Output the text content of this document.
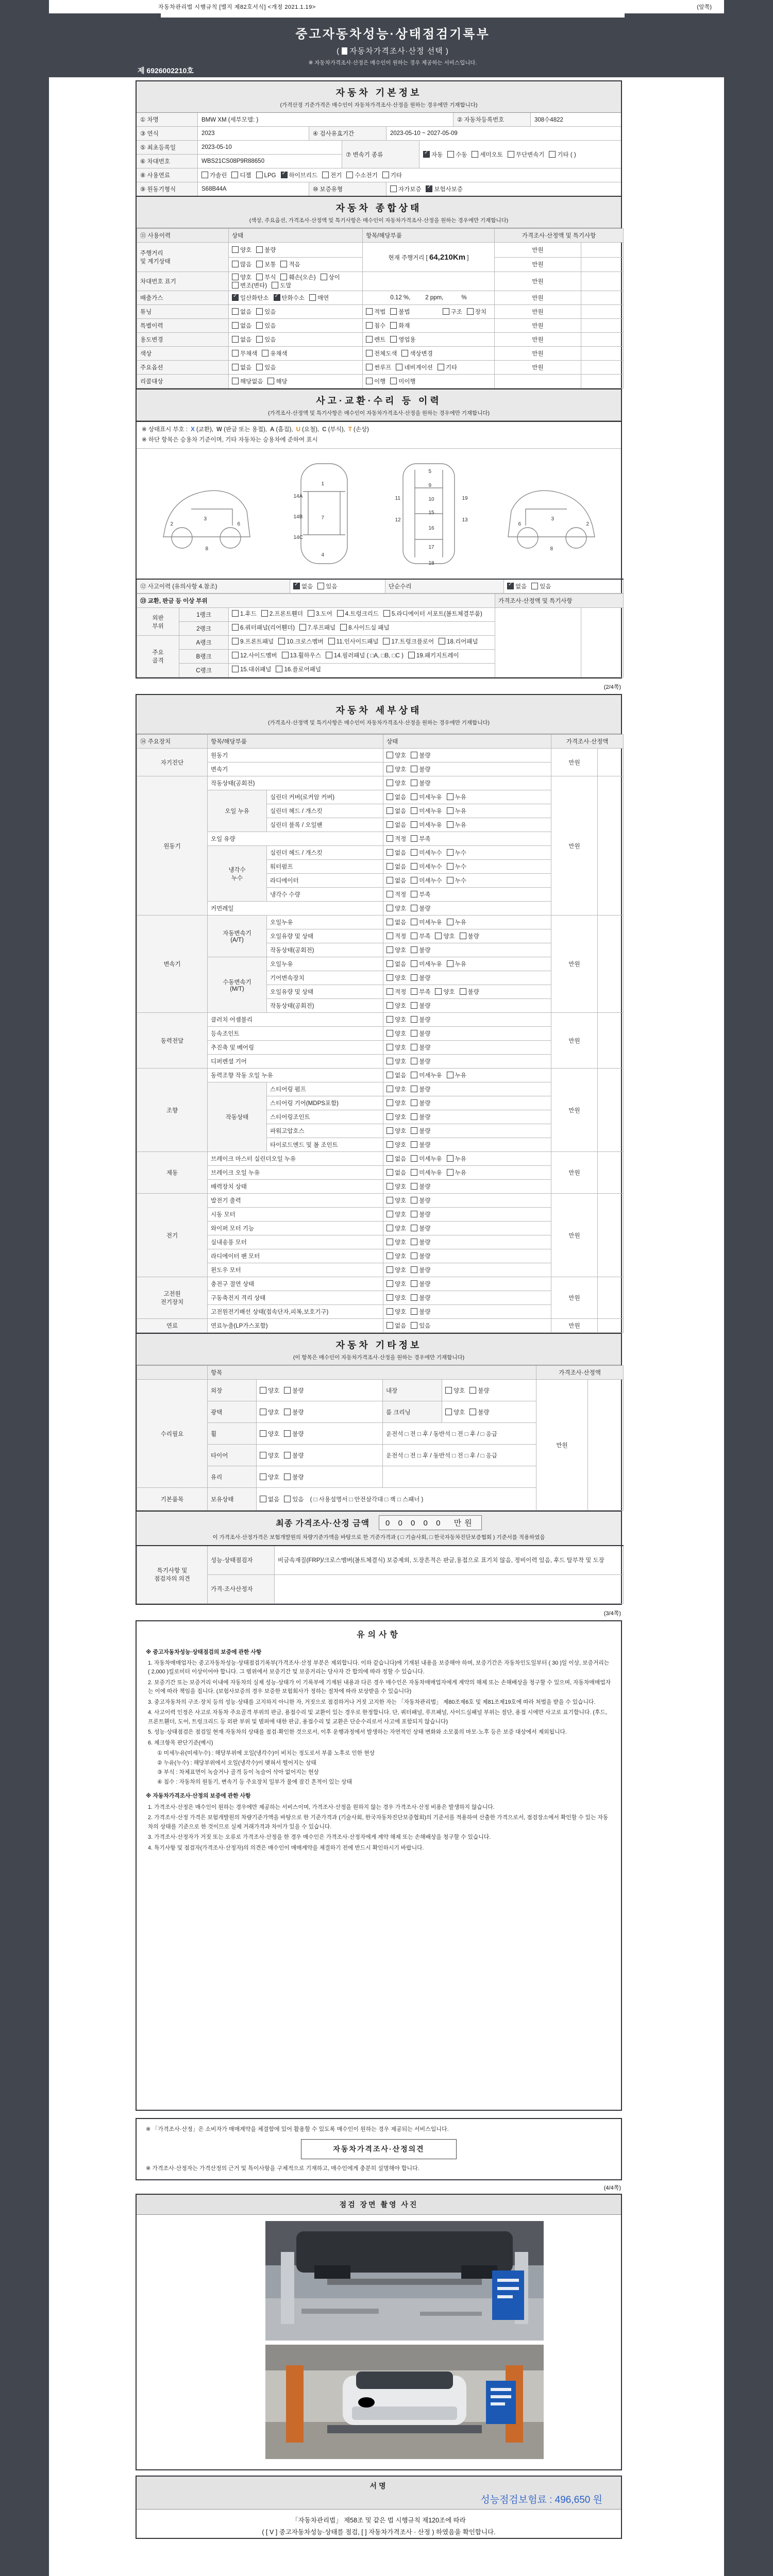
자동차관리법 시행규칙 [별지 제82호서식] <개정 2021.1.19>	(앞쪽)
중고자동차성능·상태점검기록부
( 자동차가격조사·산정 선택 )
※ 자동차가격조사·산정은 매수인이 원하는 경우 제공하는 서비스입니다.
제 6926002210호
자동차 기본정보
(가격산정 기준가격은 매수인이 자동차가격조사·산정을 원하는 경우에만 기재합니다)
① 차명	BMW XM (세부모델: )	② 자동차등록번호	308수4822
③ 연식	2023	④ 검사유효기간	2023-05-10 ~ 2027-05-09
⑤ 최초등록일	2023-05-10
⑥ 차대번호	WBS21CS08P9R88650
⑦ 변속기 종류 ✓	자동	수동	세미오토	무단변속기	기타 ( )
⑧ 사용연료	가솔린	디젤	LPG ✓	하이브리드	전기	수소전기	기타
⑨ 원동기형식	S68B44A	⑩ 보증유형	자가보증 ✓	보험사보증
자동차 종합상태
(색상, 주요옵션, 가격조사·산정액 및 특기사항은 매수인이 자동차가격조사·산정을 원하는 경우에만 기재합니다)
⑪ 사용이력	상태	항목/해당부품	가격조사·산정액 및 특기사항	
주행거리
및 계기상태	양호 불량	현재 주행거리 [ 64,210Km ]	만원	
	많음 보통 적음		만원	
차대번호 표기	양호 부식 훼손(오손) 상이변조(변타) 도말		만원	
배출가스	✓일산화탄소 ✓ 탄화수소 매연	0.12 %,         2 ppm,           %	만원	
튜닝	없음 있음	적법 불법 구조 장치	만원	
특별이력	없음 있음	침수 화재	만원	
용도변경	없음 있음	렌트 영업용	만원	
색상	무채색 유채색	전체도색 색상변경	만원	
주요옵션	없음 있음	썬루프 네비게이션 기타	만원	
리콜대상	해당없음 해당	이행 미이행		
사고·교환·수리 등 이력
(가격조사·산정액 및 특기사항은 매수인이 자동차가격조사·산정을 원하는 경우에만 기재합니다)
※ 상태표시 부호 : X (교환), W (판금 또는 용접), A (흠집), U (요철), C (부식), T (손상)
※ 하단 항목은 승용차 기준이며, 기타 자동차는 승용차에 준하여 표시
2
3
6
8
1
7
4
14A
14B
14C
5
9
10
11
12	13
15
16
17
18
19
2
3
6
8
⑫ 사고이력 (유의사항 4.참조)	✓없음 있음	단순수리	✓없음 있음
⑬ 교환, 판금 등 이상 부위			가격조사·산정액 및 특기사항	
외판
부위	1랭크	1.후드 2.프론트휀더 3.도어 4.트렁크리드 5.라디에이터 서포트(볼트체결부품)		
	2랭크	6.쿼터패널(리어휀더) 7.루프패널 8.사이드실 패널		
주요
골격	A랭크	9.프론트패널 10.크로스멤버 11.인사이드패널 17.트렁크플로어 18.리어패널		
	B랭크	12.사이드멤버 13.휠하우스 14.필러패널 ( □A, □B, □C ) 19.패키지트레이		
	C랭크	15.대쉬패널 16.플로어패널		
(2/4쪽)
자동차 세부상태
(가격조사·산정액 및 특기사항은 매수인이 자동차가격조사·산정을 원하는 경우에만 기재합니다)
⑭ 주요장치	항목/해당부품		상태	가격조사·산정액	
자기진단	원동기		양호 불량	만원	
	변속기		양호 불량		
원동기	작동상태(공회전)		양호 불량	만원	
	오일 누유	실린더 커버(로커암 커버)	없음 미세누유 누유		
		실린더 헤드 / 개스킷	없음 미세누유 누유		
		실린더 블록 / 오일팬	없음 미세누유 누유		
	오일 유량		적정 부족		
	냉각수
누수	실린더 헤드 / 개스킷	없음 미세누수 누수		
		워터펌프	없음 미세누수 누수		
		라디에이터	없음 미세누수 누수		
		냉각수 수량	적정 부족		
	커먼레일		양호 불량		
변속기	자동변속기
(A/T)	오일누유	없음 미세누유 누유	만원	
		오일유량 및 상태	적정 부족 양호 불량		
		작동상태(공회전)	양호 불량		
	수동변속기
(M/T)	오일누유	없음 미세누유 누유		
		기어변속장치	양호 불량		
		오일유량 및 상태	적정 부족 양호 불량		
		작동상태(공회전)	양호 불량		
동력전달	클러치 어셈블리		양호 불량	만원	
	등속조인트		양호 불량		
	추진축 및 베어링		양호 불량		
	디퍼렌셜 기어		양호 불량		
조향	동력조향 작동 오일 누유		없음 미세누유 누유	만원	
	작동상태	스티어링 펌프	양호 불량		
		스티어링 기어(MDPS포함)	양호 불량		
		스티어링조인트	양호 불량		
		파워고압호스	양호 불량		
		타이로드엔드 및 볼 조인트	양호 불량		
제동	브레이크 마스터 실린더오일 누유		없음 미세누유 누유	만원	
	브레이크 오일 누유		없음 미세누유 누유		
	배력장치 상태		양호 불량		
전기	발전기 출력		양호 불량	만원	
	시동 모터		양호 불량		
	와이퍼 모터 기능		양호 불량		
	실내송풍 모터		양호 불량		
	라디에이터 팬 모터		양호 불량		
	윈도우 모터		양호 불량		
고전원
전기장치	충전구 절연 상태		양호 불량	만원	
	구동축전지 격리 상태		양호 불량		
	고전원전기배선 상태(접속단자,피복,보호기구)		양호 불량		
연료	연료누출(LP가스포함)		없음 있음	만원	
자동차 기타정보
(이 항목은 매수인이 자동차가격조사·산정을 원하는 경우에만 기재합니다)
	항목				가격조사·산정액	
수리필요	외장	양호 불량	내장	양호 불량	만원	
	광택	양호 불량	룸 크리닝	양호 불량		
	휠	양호 불량	운전석 □ 전 □ 후 / 동반석 □ 전 □ 후 / □ 응급			
	타이어	양호 불량	운전석 □ 전 □ 후 / 동반석 □ 전 □ 후 / □ 응급			
	유리	양호 불량				
기본품목	보유상태	없음 있음 ( □ 사용설명서 □ 안전삼각대 □ 잭 □ 스패너 )				
최종 가격조사·산정 금액	0 0 0 0 0 만원
이 가격조사·산정가격은 보험개발원의 차량기준가액을 바탕으로 한 기준가격과 ( □ 기술사회, □ 한국자동차진단보증협회 ) 기준서를 적용하였음
특기사항 및
점검자의 의견	성능·상태점검자	비금속재질(FRP)/크로스멤버(볼트체결식) 보증제외, 도장흔적은 판금,용접으로 표기치 않음, 정비이력 있음, 후드 탈부착 및 도장
	가격·조사산정자	
(3/4쪽)
유의사항
※ 중고자동차성능·상태점검의 보증에 관한 사항
1. 자동차매매업자는 중고자동차성능·상태점검기록부(가격조사·산정 부분은 제외합니다. 이하 같습니다)에 기재된 내용을 보증해야 하며, 보증기간은 자동차인도일부터 ( 30 )일 이상, 보증거리는 ( 2,000 )킬로미터 이상이어야 합니다. 그 범위에서 보증기간 및 보증거리는 당사자 간 합의에 따라 정할 수 있습니다.
2. 보증기간 또는 보증거리 이내에 자동차의 실제 성능·상태가 이 기록부에 기재된 내용과 다른 경우 매수인은 자동차매매업자에게 계약의 해제 또는 손해배상을 청구할 수 있으며, 자동차매매업자는 이에 따라 책임을 집니다. (보험사보증의 경우 보증한 보험회사가 정하는 절차에 따라 보상받을 수 있습니다)
3. 중고자동차의 구조·장치 등의 성능·상태를 고지하지 아니한 자, 거짓으로 점검하거나 거짓 고지한 자는 「자동차관리법」 제80조제6호 및 제81조제19호에 따라 처벌을 받을 수 있습니다.
4. 사고이력 인정은 사고로 자동차 주요골격 부위의 판금, 용접수리 및 교환이 있는 경우로 한정합니다. 단, 쿼터패널, 루프패널, 사이드실패널 부위는 절단, 용접 시에만 사고로 표기합니다. (후드, 프론트휀더, 도어, 트렁크리드 등 외판 부위 및 범퍼에 대한 판금, 용접수리 및 교환은 단순수리로서 사고에 포함되지 않습니다)
5. 성능·상태점검은 점검일 현재 자동차의 상태를 점검·확인한 것으로서, 이후 운행과정에서 발생하는 자연적인 상태 변화와 소모품의 마모·노후 등은 보증 대상에서 제외됩니다.
6. 체크항목 판단기준(예시)
① 미세누유(미세누수) : 해당부위에 오일(냉각수)이 비치는 정도로서 부품 노후로 인한 현상
② 누유(누수) : 해당부위에서 오일(냉각수)이 맺혀서 떨어지는 상태
③ 부식 : 차체표면이 녹슬거나 골격 등이 녹슬어 삭아 없어지는 현상
④ 침수 : 자동차의 원동기, 변속기 등 주요장치 일부가 물에 잠긴 흔적이 있는 상태
※ 자동차가격조사·산정의 보증에 관한 사항
1. 가격조사·산정은 매수인이 원하는 경우에만 제공하는 서비스이며, 가격조사·산정을 원하지 않는 경우 가격조사·산정 비용은 발생하지 않습니다.
2. 가격조사·산정 가격은 보험개발원의 차량기준가액을 바탕으로 한 기준가격과 (기술사회, 한국자동차진단보증협회)의 기준서를 적용하여 산출한 가격으로서, 점검장소에서 확인할 수 있는 자동차의 상태를 기준으로 한 것이므로 실제 거래가격과 차이가 있을 수 있습니다.
3. 가격조사·산정자가 거짓 또는 오류로 가격조사·산정을 한 경우 매수인은 가격조사·산정자에게 계약 해제 또는 손해배상을 청구할 수 있습니다.
4. 특기사항 및 점검자(가격조사·산정자)의 의견은 매수인이 매매계약을 체결하기 전에 반드시 확인하시기 바랍니다.
※ 「가격조사·산정」은 소비자가 매매계약을 체결함에 있어 활용할 수 있도록 매수인이 원하는 경우 제공되는 서비스입니다.
자동차가격조사·산정의견
※ 가격조사·산정자는 가격산정의 근거 및 특이사항을 구체적으로 기재하고, 매수인에게 충분히 설명해야 합니다.
(4/4쪽)
점검 장면 촬영 사진
서명
성능점검보험료 : 496,650 원
「자동차관리법」 제58조 및 같은 법 시행규칙 제120조에 따라
( [ V ] 중고자동차성능·상태를 점검, [ ] 자동차가격조사 · 산정 ) 하였음을 확인합니다.
